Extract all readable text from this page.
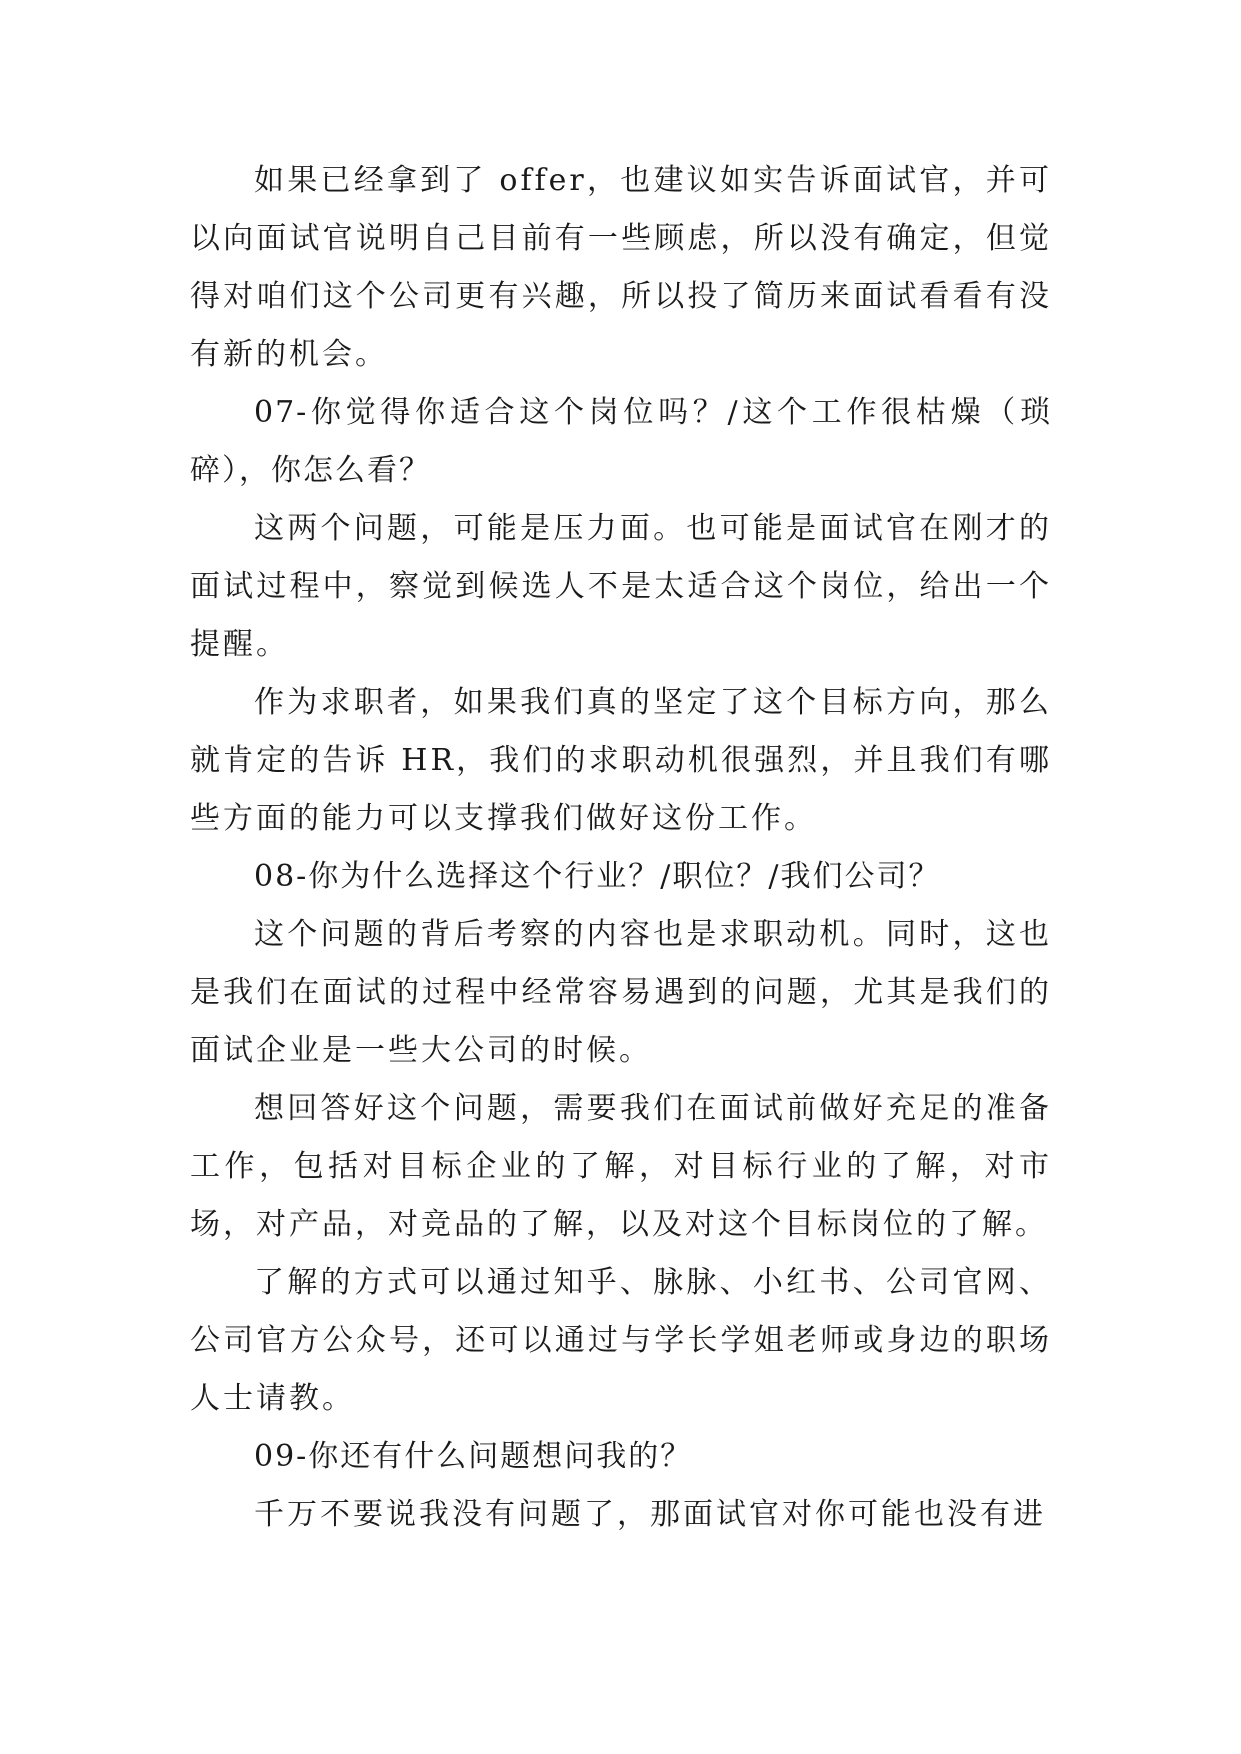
如果已经拿到了 offer，也建议如实告诉面试官，并可以向面试官说明自己目前有一些顾虑，所以没有确定，但觉得对咱们这个公司更有兴趣，所以投了简历来面试看看有没有新的机会。

07-你觉得你适合这个岗位吗？/这个工作很枯燥（琐碎），你怎么看？

这两个问题，可能是压力面。也可能是面试官在刚才的面试过程中，察觉到候选人不是太适合这个岗位，给出一个提醒。

作为求职者，如果我们真的坚定了这个目标方向，那么就肯定的告诉 HR，我们的求职动机很强烈，并且我们有哪些方面的能力可以支撑我们做好这份工作。

08-你为什么选择这个行业？/职位？/我们公司？

这个问题的背后考察的内容也是求职动机。同时，这也是我们在面试的过程中经常容易遇到的问题，尤其是我们的面试企业是一些大公司的时候。

想回答好这个问题，需要我们在面试前做好充足的准备工作，包括对目标企业的了解，对目标行业的了解，对市场，对产品，对竞品的了解，以及对这个目标岗位的了解。

了解的方式可以通过知乎、脉脉、小红书、公司官网、公司官方公众号，还可以通过与学长学姐老师或身边的职场人士请教。

09-你还有什么问题想问我的？

千万不要说我没有问题了，那面试官对你可能也没有进
